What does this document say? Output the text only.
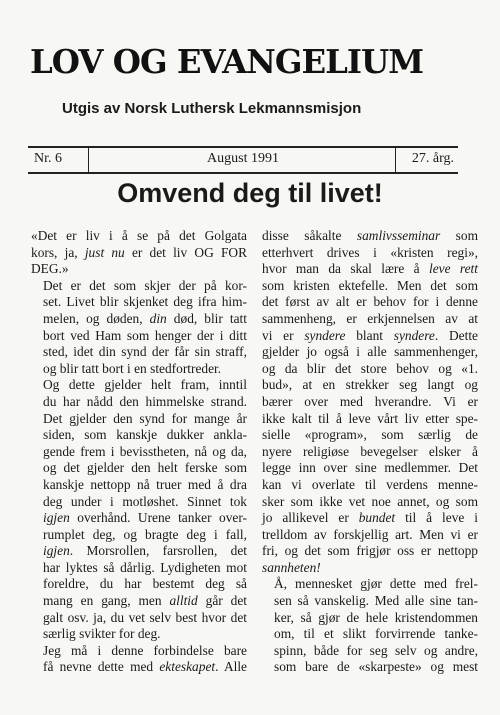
LOV OG EVANGELIUM
Utgis av Norsk Luthersk Lekmannsmisjon
Nr. 6	August 1991	27. årg.
Omvend deg til livet!

«Det er liv i å se på det Golgata
kors, ja, just nu er det liv OG FOR
DEG.»

Det er det som skjer der på kor-
set. Livet blir skjenket deg ifra him-
melen, og døden, din død, blir tatt
bort ved Ham som henger der i ditt
sted, idet din synd der får sin straff,
og blir tatt bort i en stedfortreder.

Og dette gjelder helt fram, inntil
du har nådd den himmelske strand.
Det gjelder den synd for mange år
siden, som kanskje dukker anklа-
gende frem i bevisstheten, nå og da,
og det gjelder den helt ferske som
kanskje nettopp nå truer med å dra
deg under i motløshet. Sinnet tok
igjen overhånd. Urene tanker over-
rumplet deg, og bragte deg i fall,
igjen. Morsrollen, farsrollen, det
har lyktes så dårlig. Lydigheten mot
foreldre, du har bestemt deg så
mang en gang, men alltid går det
galt osv. ja, du vet selv best hvor det
særlig svikter for deg.

Jeg må i denne forbindelse bare
få nevne dette med ekteskapet. Alle

disse såkalte samlivsseminar som
etterhvert drives i «kristen regi»,
hvor man da skal lære å leve rett
som kristen ektefelle. Men det som
det først av alt er behov for i denne
sammenheng, er erkjennelsen av at
vi er syndere blant syndere. Dette
gjelder jo også i alle sammenhenger,
og da blir det store behov og «1.
bud», at en strekker seg langt og
bærer over med hverandre. Vi er
ikke kalt til å leve vårt liv etter spe-
sielle «program», som særlig de
nyere religiøse bevegelser elsker å
legge inn over sine medlemmer. Det
kan vi overlate til verdens menne-
sker som ikke vet noe annet, og som
jo allikevel er bundet til å leve i
trelldom av forskjellig art. Men vi er
fri, og det som frigjør oss er nettopp
sannheten!

Å, mennesket gjør dette med frel-
sen så vanskelig. Med alle sine tan-
ker, så gjør de hele kristendommen
om, til et slikt forvirrende tanke-
spinn, både for seg selv og andre,
som bare de «skarpeste» og mest
